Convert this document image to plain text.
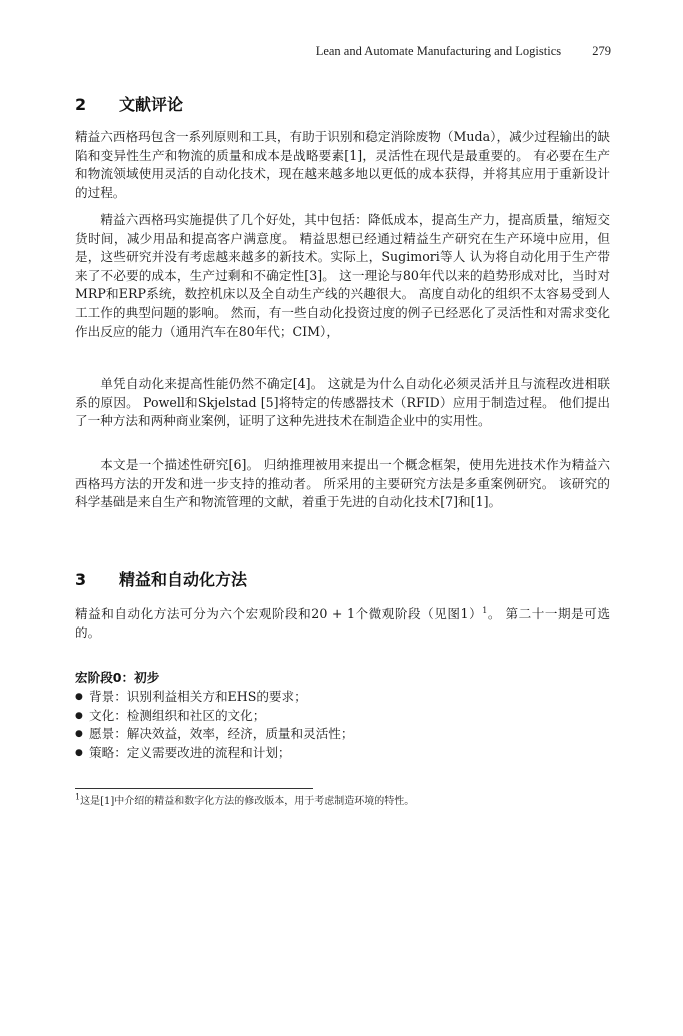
Lean and Automate Manufacturing and Logistics 279
2 文献评论

精益六西格玛包含一系列原则和工具，有助于识别和稳定消除废物（Muda），减少过程输出的缺陷和变异性生产和物流的质量和成本是战略要素[1]，灵活性在现代是最重要的。 有必要在生产和物流领域使用灵活的自动化技术，现在越来越多地以更低的成本获得，并将其应用于重新设计的过程。

精益六西格玛实施提供了几个好处，其中包括：降低成本，提高生产力，提高质量，缩短交货时间，减少用品和提高客户满意度。 精益思想已经通过精益生产研究在生产环境中应用，但是，这些研究并没有考虑越来越多的新技术。实际上，Sugimori等人 认为将自动化用于生产带来了不必要的成本，生产过剩和不确定性[3]。 这一理论与80年代以来的趋势形成对比，当时对MRP和ERP系统，数控机床以及全自动生产线的兴趣很大。 高度自动化的组织不太容易受到人工工作的典型问题的影响。 然而，有一些自动化投资过度的例子已经恶化了灵活性和对需求变化作出反应的能力（通用汽车在80年代；CIM），

单凭自动化来提高性能仍然不确定[4]。 这就是为什么自动化必须灵活并且与流程改进相联系的原因。 Powell和Skjelstad [5]将特定的传感器技术（RFID）应用于制造过程。 他们提出了一种方法和两种商业案例，证明了这种先进技术在制造企业中的实用性。

本文是一个描述性研究[6]。 归纳推理被用来提出一个概念框架，使用先进技术作为精益六西格玛方法的开发和进一步支持的推动者。 所采用的主要研究方法是多重案例研究。 该研究的科学基础是来自生产和物流管理的文献，着重于先进的自动化技术[7]和[1]。

3 精益和自动化方法

精益和自动化方法可分为六个宏观阶段和20 + 1个微观阶段（见图1）$^1$。 第二十一期是可选的。

宏阶段0：初步
● 背景：识别利益相关方和EHS的要求；
● 文化：检测组织和社区的文化；
● 愿景：解决效益，效率，经济，质量和灵活性；
● 策略：定义需要改进的流程和计划；
$^1$这是[1]中介绍的精益和数字化方法的修改版本，用于考虑制造环境的特性。
